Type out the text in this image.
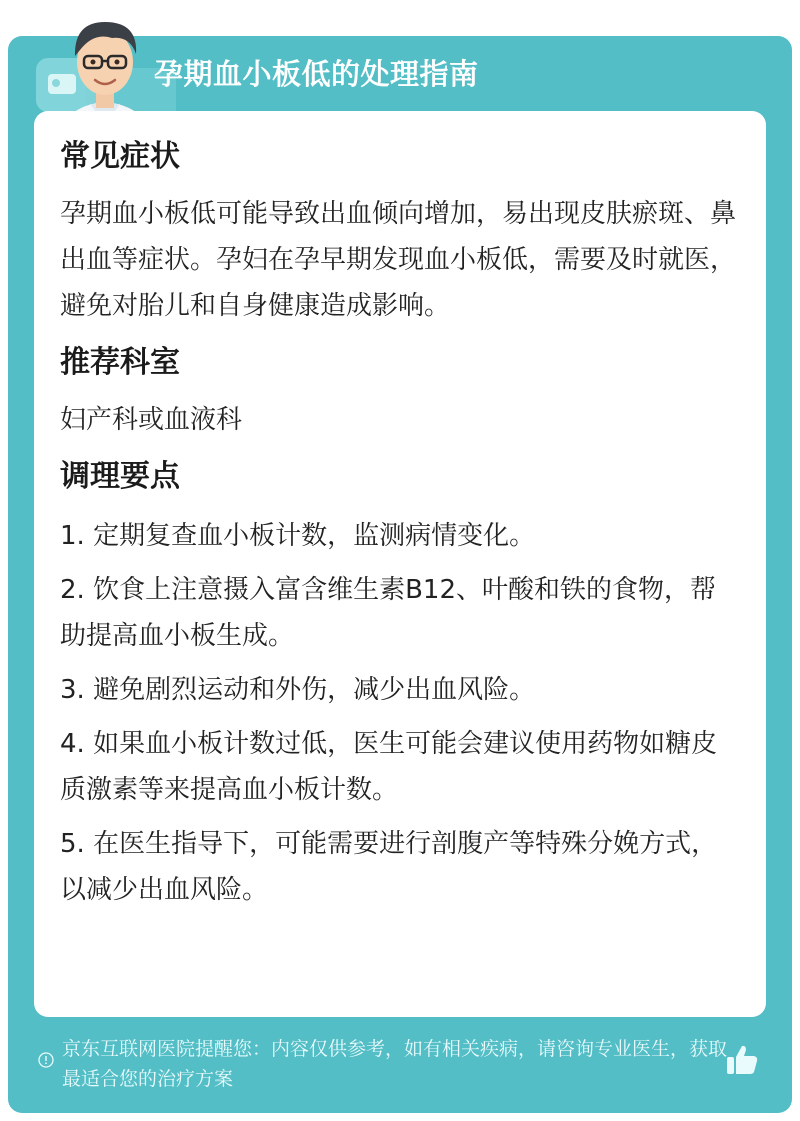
孕期血小板低的处理指南
常见症状

孕期血小板低可能导致出血倾向增加，易出现皮肤瘀斑、鼻出血等症状。孕妇在孕早期发现血小板低，需要及时就医，避免对胎儿和自身健康造成影响。

推荐科室

妇产科或血液科

调理要点
1. 定期复查血小板计数，监测病情变化。
2. 饮食上注意摄入富含维生素B12、叶酸和铁的食物，帮助提高血小板生成。
3. 避免剧烈运动和外伤，减少出血风险。
4. 如果血小板计数过低，医生可能会建议使用药物如糖皮质激素等来提高血小板计数。
5. 在医生指导下，可能需要进行剖腹产等特殊分娩方式，以减少出血风险。
京东互联网医院提醒您：内容仅供参考，如有相关疾病，请咨询专业医生，获取最适合您的治疗方案
